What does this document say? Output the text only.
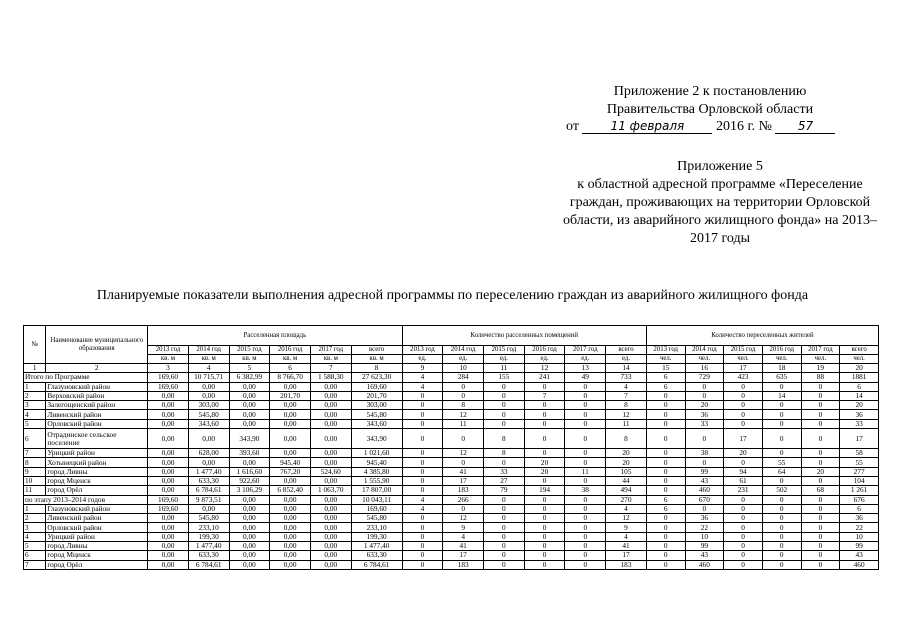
Приложение 2 к постановлению
Правительства Орловской области
от	11 февраля 2016 г. № 57
Приложение 5
к областной адресной программе «Переселение граждан, проживающих на территории Орловской области, из аварийного жилищного фонда» на 2013–2017 годы
Планируемые показатели выполнения адресной программы по переселению граждан из аварийного жилищного фонда
№	Наименование муниципального образования	Расселенная площадь						Количество расселенных помещений						Количество переселенных жителей					
		2013 год	2014 год	2015 год	2016 год	2017 год	всего	2013 год	2014 год	2015 год	2016 год	2017 год	всего	2013 год	2014 год	2015 год	2016 год	2017 год	всего
		кв. м	кв. м	кв. м	кв. м	кв. м	кв. м	ед.	ед.	ед.	ед.	ед.	ед.	чел.	чел.	чел.	чел.	чел.	чел.
1	2	3	4	5	6	7	8	9	10	11	12	13	14	15	16	17	18	19	20
Итого по Программе		169,60	10 715,71	6 382,99	8 766,70	1 588,30	27 623,30	4	284	155	241	49	733	6	729	423	635	88	1881
1	Глазуновский район	169,60	0,00	0,00	0,00	0,00	169,60	4	0	0	0	0	4	6	0	0	0	0	6
2	Верховский район	0,00	0,00	0,00	201,70	0,00	201,70	0	0	0	7	0	7	0	0	0	14	0	14
3	Залегощенский район	0,00	303,00	0,00	0,00	0,00	303,00	0	8	0	0	0	8	0	20	0	0	0	20
4	Ливенский район	0,00	545,80	0,00	0,00	0,00	545,80	0	12	0	0	0	12	0	36	0	0	0	36
5	Орловский район	0,00	343,60	0,00	0,00	0,00	343,60	0	11	0	0	0	11	0	33	0	0	0	33
6	Отрадинское сельское поселение	0,00	0,00	343,90	0,00	0,00	343,90	0	0	8	0	0	8	0	0	17	0	0	17
7	Урицкий район	0,00	628,00	393,60	0,00	0,00	1 021,60	0	12	8	0	0	20	0	38	20	0	0	58
8	Хотынецкий район	0,00	0,00	0,00	945,40	0,00	945,40	0	0	0	20	0	20	0	0	0	55	0	55
9	город Ливны	0,00	1 477,40	1 616,60	767,20	524,60	4 385,80	0	41	33	20	11	105	0	99	94	64	20	277
10	город Мценск	0,00	633,30	922,60	0,00	0,00	1 555,90	0	17	27	0	0	44	0	43	61	0	0	104
11	город Орёл	0,00	6 784,61	3 106,29	6 852,40	1 063,70	17 807,00	0	183	79	194	38	494	0	460	231	502	68	1 261
по этапу 2013–2014 годов		169,60	9 873,51	0,00	0,00	0,00	10 043,11	4	266	0	0	0	270	6	670	0	0	0	676
1	Глазуновский район	169,60	0,00	0,00	0,00	0,00	169,60	4	0	0	0	0	4	6	0	0	0	0	6
2	Ливенский район	0,00	545,80	0,00	0,00	0,00	545,80	0	12	0	0	0	12	0	36	0	0	0	36
3	Орловский район	0,00	233,10	0,00	0,00	0,00	233,10	0	9	0	0	0	9	0	22	0	0	0	22
4	Урицкий район	0,00	199,30	0,00	0,00	0,00	199,30	0	4	0	0	0	4	0	10	0	0	0	10
5	город Ливны	0,00	1 477,40	0,00	0,00	0,00	1 477,40	0	41	0	0	0	41	0	99	0	0	0	99
6	город Мценск	0,00	633,30	0,00	0,00	0,00	633,30	0	17	0	0	0	17	0	43	0	0	0	43
7	город Орёл	0,00	6 784,61	0,00	0,00	0,00	6 784,61	0	183	0	0	0	183	0	460	0	0	0	460
